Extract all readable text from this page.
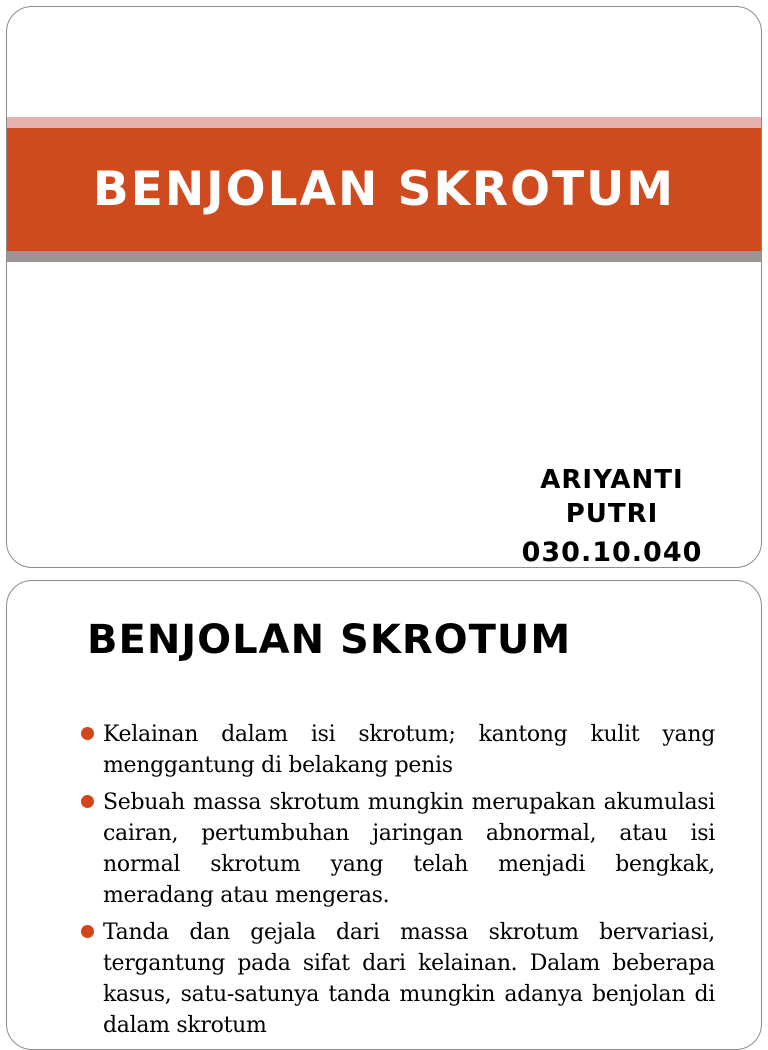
BENJOLAN SKROTUM
ARIYANTI
PUTRI
030.10.040
BENJOLAN SKROTUM
Kelainan dalam isi skrotum; kantong kulit yang menggantung di belakang penis
Sebuah massa skrotum mungkin merupakan akumulasi cairan, pertumbuhan jaringan abnormal, atau isi normal skrotum yang telah menjadi bengkak, meradang atau mengeras.
Tanda dan gejala dari massa skrotum bervariasi, tergantung pada sifat dari kelainan. Dalam beberapa kasus, satu-satunya tanda mungkin adanya benjolan di dalam skrotum
